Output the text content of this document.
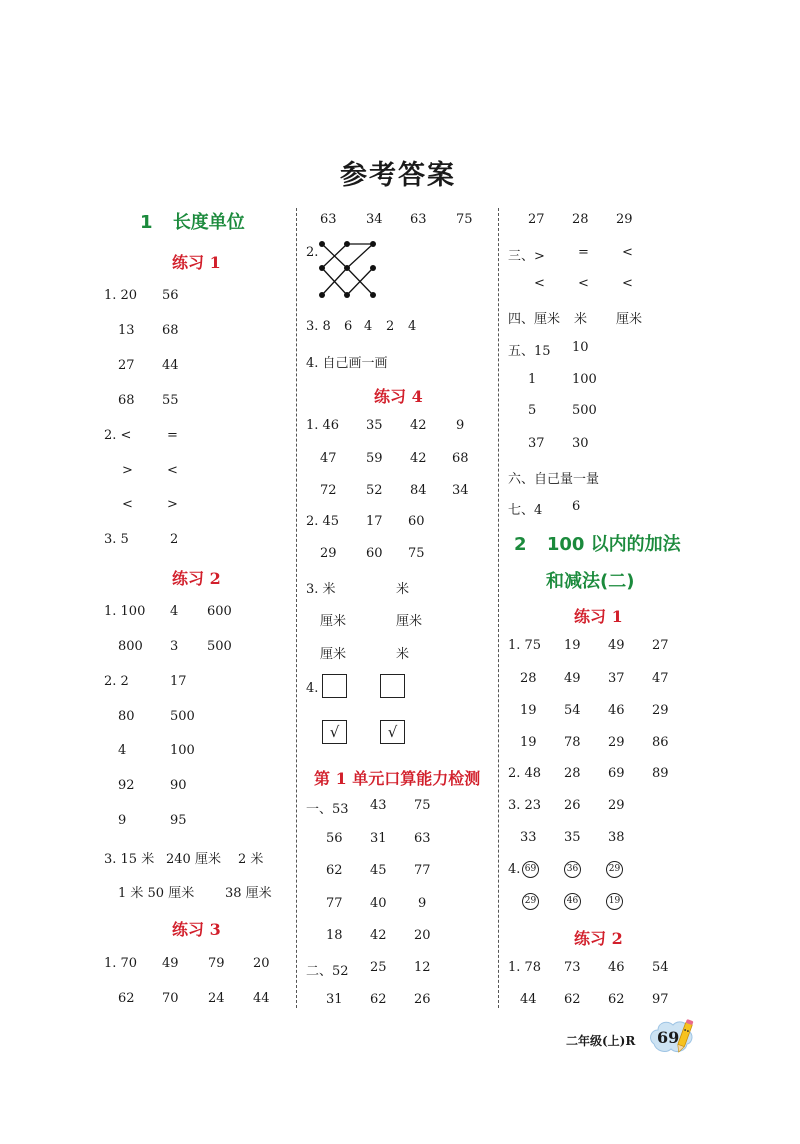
参考答案
1 长度单位
练习 1
1. 20 56
13 68
27 44
68 55
2. <	=
>	<
<	>
3. 5	2
练习 2
1. 100 4 600
800 3 500
2. 2	17
80	500
4	100
92	90
9	95
3. 15 米 240 厘米 2 米
1 米 50 厘米 38 厘米
练习 3
1. 70 49 79 20
62 70 24 44
63 34 63 75
2.
3. 8 6 4 2 4
4. 自己画一画
练习 4
1. 46 35 42 9
47 59 42 68
72 52 84 34
2. 45 17 60
29 60 75
3. 米	米
厘米	厘米
厘米	米
4.
√	√
第 1 单元口算能力检测
一、53 43 75
56 31 63
62 45 77
77 40 9
18 42 20
二、52 25 12
31 62 26
27 28 29
三、>	=	<
<	<	<
四、厘米 米 厘米
五、15 10
1	100
5	500
37 30
六、自己量一量
七、4 6
2 100 以内的加法
和减法(二)
练习 1
1. 75 19 49 27
28 49 37 47
19 54 46 29
19 78 29 86
2. 48 28 69 89
3. 23 26 29
33 35 38
4. 69	36	29
29	46	19
练习 2
1. 78 73 46 54
44 62 62 97
二年级(上)R 69
